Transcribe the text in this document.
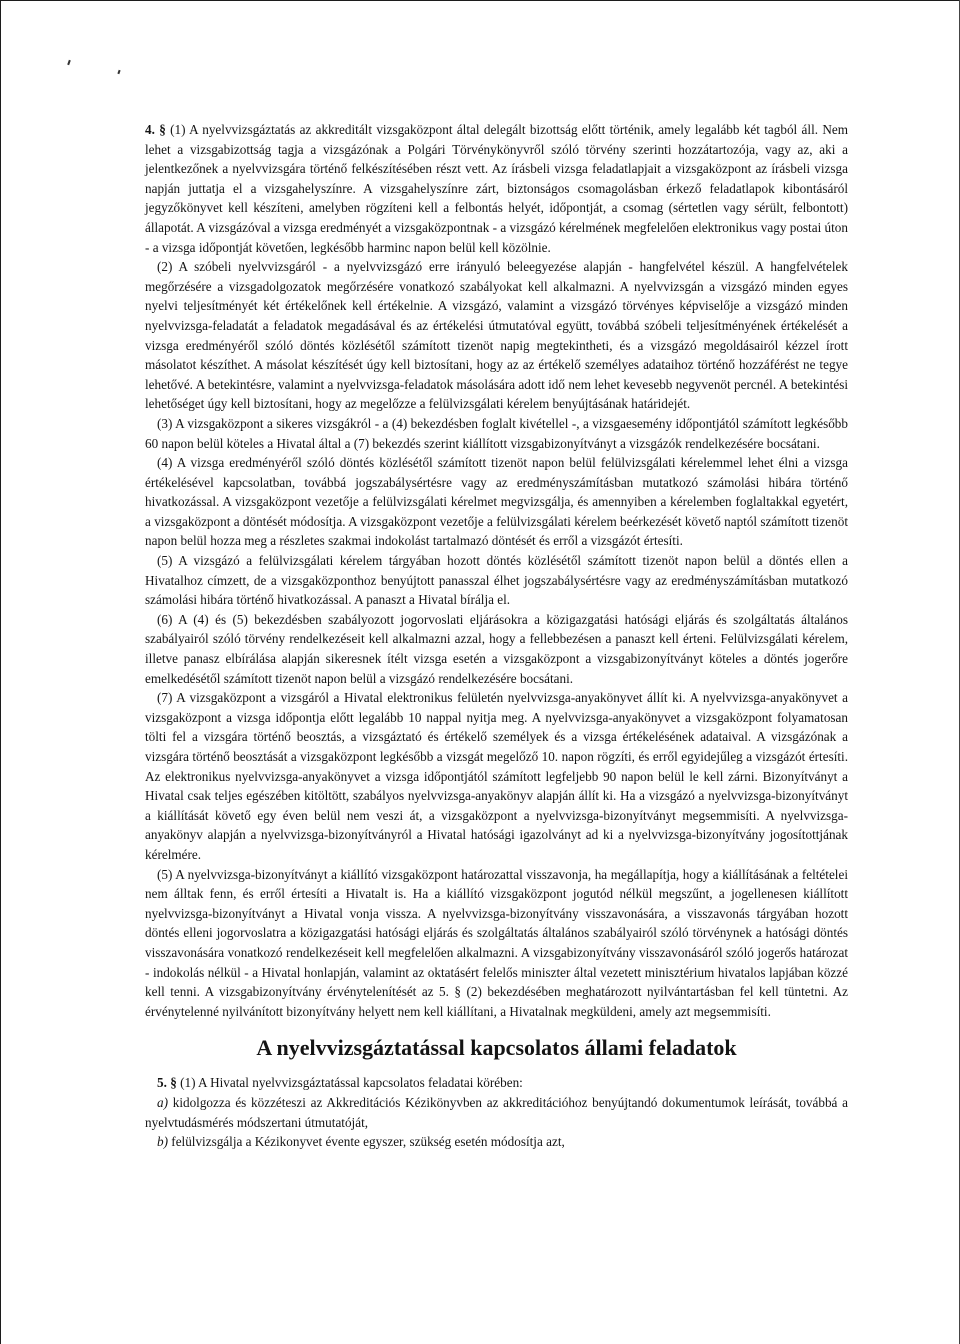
4. § (1) A nyelvvizsgáztatás az akkreditált vizsgaközpont által delegált bizottság előtt történik, amely legalább két tagból áll. Nem lehet a vizsgabizottság tagja a vizsgázónak a Polgári Törvénykönyvről szóló törvény szerinti hozzátartozója, vagy az, aki a jelentkezőnek a nyelvvizsgára történő felkészítésében részt vett. Az írásbeli vizsga feladatlapjait a vizsgaközpont az írásbeli vizsga napján juttatja el a vizsgahelyszínre. A vizsgahelyszínre zárt, biztonságos csomagolásban érkező feladatlapok kibontásáról jegyzőkönyvet kell készíteni, amelyben rögzíteni kell a felbontás helyét, időpontját, a csomag (sértetlen vagy sérült, felbontott) állapotát. A vizsgázóval a vizsga eredményét a vizsgaközpontnak - a vizsgázó kérelmének megfelelően elektronikus vagy postai úton - a vizsga időpontját követően, legkésőbb harminc napon belül kell közölnie.

(2) A szóbeli nyelvvizsgáról - a nyelvvizsgázó erre irányuló beleegyezése alapján - hangfelvétel készül. A hangfelvételek megőrzésére a vizsgadolgozatok megőrzésére vonatkozó szabályokat kell alkalmazni. A nyelvvizsgán a vizsgázó minden egyes nyelvi teljesítményét két értékelőnek kell értékelnie. A vizsgázó, valamint a vizsgázó törvényes képviselője a vizsgázó minden nyelvvizsga-feladatát a feladatok megadásával és az értékelési útmutatóval együtt, továbbá szóbeli teljesítményének értékelését a vizsga eredményéről szóló döntés közlésétől számított tizenöt napig megtekintheti, és a vizsgázó megoldásairól kézzel írott másolatot készíthet. A másolat készítését úgy kell biztosítani, hogy az az értékelő személyes adataihoz történő hozzáférést ne tegye lehetővé. A betekintésre, valamint a nyelvvizsga-feladatok másolására adott idő nem lehet kevesebb negyvenöt percnél. A betekintési lehetőséget úgy kell biztosítani, hogy az megelőzze a felülvizsgálati kérelem benyújtásának határidejét.

(3) A vizsgaközpont a sikeres vizsgákról - a (4) bekezdésben foglalt kivétellel -, a vizsgaesemény időpontjától számított legkésőbb 60 napon belül köteles a Hivatal által a (7) bekezdés szerint kiállított vizsgabizonyítványt a vizsgázók rendelkezésére bocsátani.

(4) A vizsga eredményéről szóló döntés közlésétől számított tizenöt napon belül felülvizsgálati kérelemmel lehet élni a vizsga értékelésével kapcsolatban, továbbá jogszabálysértésre vagy az eredményszámításban mutatkozó számolási hibára történő hivatkozással. A vizsgaközpont vezetője a felülvizsgálati kérelmet megvizsgálja, és amennyiben a kérelemben foglaltakkal egyetért, a vizsgaközpont a döntését módosítja. A vizsgaközpont vezetője a felülvizsgálati kérelem beérkezését követő naptól számított tizenöt napon belül hozza meg a részletes szakmai indokolást tartalmazó döntését és erről a vizsgázót értesíti.

(5) A vizsgázó a felülvizsgálati kérelem tárgyában hozott döntés közlésétől számított tizenöt napon belül a döntés ellen a Hivatalhoz címzett, de a vizsgaközponthoz benyújtott panasszal élhet jogszabálysértésre vagy az eredményszámításban mutatkozó számolási hibára történő hivatkozással. A panaszt a Hivatal bírálja el.

(6) A (4) és (5) bekezdésben szabályozott jogorvoslati eljárásokra a közigazgatási hatósági eljárás és szolgáltatás általános szabályairól szóló törvény rendelkezéseit kell alkalmazni azzal, hogy a fellebbezésen a panaszt kell érteni. Felülvizsgálati kérelem, illetve panasz elbírálása alapján sikeresnek ítélt vizsga esetén a vizsgaközpont a vizsgabizonyítványt köteles a döntés jogerőre emelkedésétől számított tizenöt napon belül a vizsgázó rendelkezésére bocsátani.

(7) A vizsgaközpont a vizsgáról a Hivatal elektronikus felületén nyelvvizsga-anyakönyvet állít ki. A nyelvvizsga-anyakönyvet a vizsgaközpont a vizsga időpontja előtt legalább 10 nappal nyitja meg. A nyelvvizsga-anyakönyvet a vizsgaközpont folyamatosan tölti fel a vizsgára történő beosztás, a vizsgáztató és értékelő személyek és a vizsga értékelésének adataival. A vizsgázónak a vizsgára történő beosztását a vizsgaközpont legkésőbb a vizsgát megelőző 10. napon rögzíti, és erről egyidejűleg a vizsgázót értesíti. Az elektronikus nyelvvizsga-anyakönyvet a vizsga időpontjától számított legfeljebb 90 napon belül le kell zárni. Bizonyítványt a Hivatal csak teljes egészében kitöltött, szabályos nyelvvizsga-anyakönyv alapján állít ki. Ha a vizsgázó a nyelvvizsga-bizonyítványt a kiállítását követő egy éven belül nem veszi át, a vizsgaközpont a nyelvvizsga-bizonyítványt megsemmisíti. A nyelvvizsga-anyakönyv alapján a nyelvvizsga-bizonyítványról a Hivatal hatósági igazolványt ad ki a nyelvvizsga-bizonyítvány jogosítottjának kérelmére.

(5) A nyelvvizsga-bizonyítványt a kiállító vizsgaközpont határozattal visszavonja, ha megállapítja, hogy a kiállításának a feltételei nem álltak fenn, és erről értesíti a Hivatalt is. Ha a kiállító vizsgaközpont jogutód nélkül megszűnt, a jogellenesen kiállított nyelvvizsga-bizonyítványt a Hivatal vonja vissza. A nyelvvizsga-bizonyítvány visszavonására, a visszavonás tárgyában hozott döntés elleni jogorvoslatra a közigazgatási hatósági eljárás és szolgáltatás általános szabályairól szóló törvénynek a hatósági döntés visszavonására vonatkozó rendelkezéseit kell megfelelően alkalmazni. A vizsgabizonyítvány visszavonásáról szóló jogerős határozat - indokolás nélkül - a Hivatal honlapján, valamint az oktatásért felelős miniszter által vezetett minisztérium hivatalos lapjában közzé kell tenni. A vizsgabizonyítvány érvénytelenítését az 5. § (2) bekezdésében meghatározott nyilvántartásban fel kell tüntetni. Az érvénytelenné nyilvánított bizonyítvány helyett nem kell kiállítani, a Hivatalnak megküldeni, amely azt megsemmisíti.

A nyelvvizsgáztatással kapcsolatos állami feladatok

5. § (1) A Hivatal nyelvvizsgáztatással kapcsolatos feladatai körében:

a) kidolgozza és közzéteszi az Akkreditációs Kézikönyvben az akkreditációhoz benyújtandó dokumentumok leírását, továbbá a nyelvtudásmérés módszertani útmutatóját,

b) felülvizsgálja a Kézikonyvet évente egyszer, szükség esetén módosítja azt,
